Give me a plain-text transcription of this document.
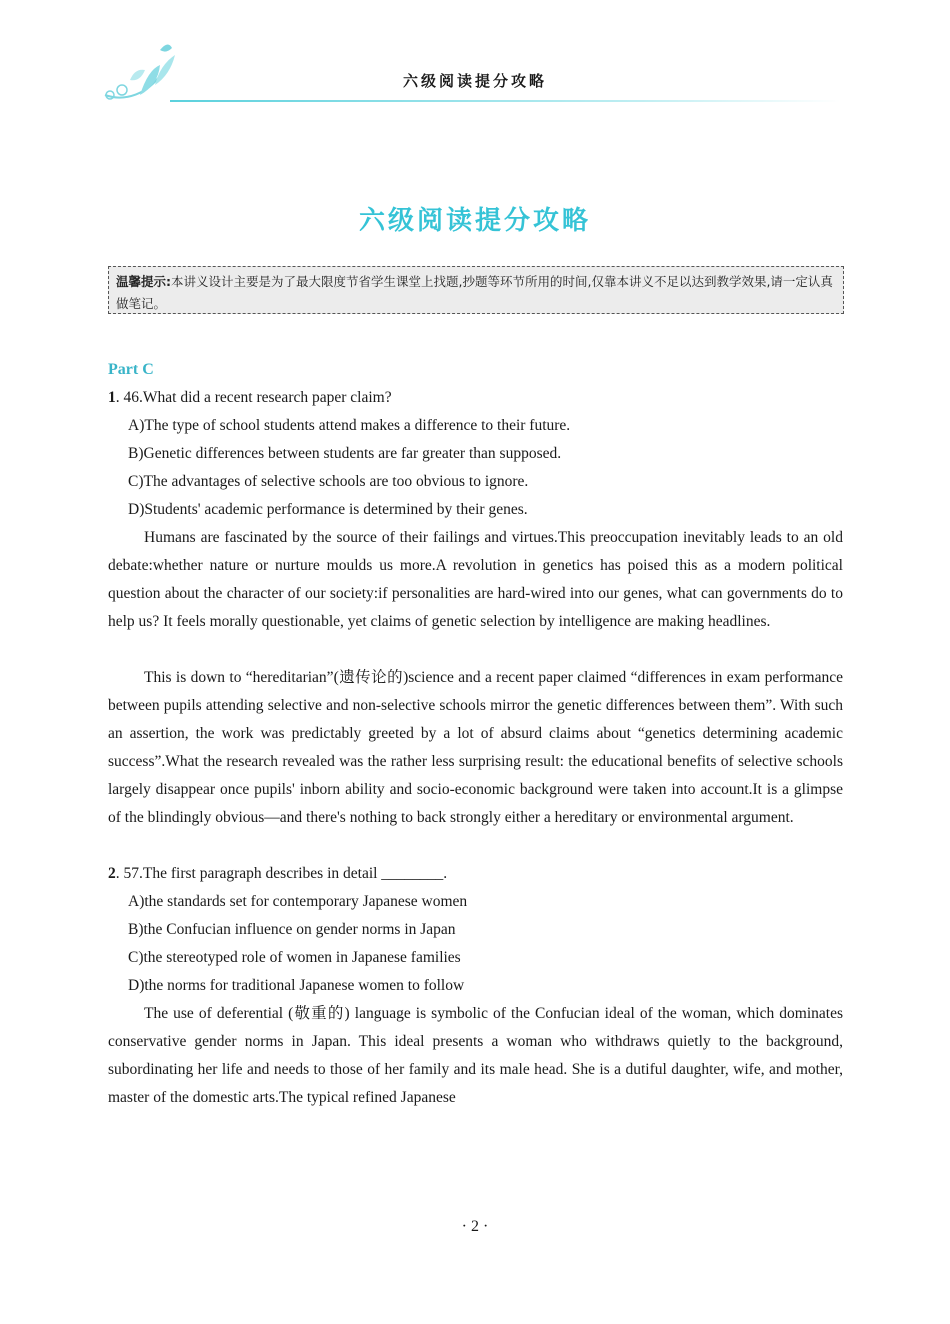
六级阅读提分攻略
六级阅读提分攻略
温馨提示:本讲义设计主要是为了最大限度节省学生课堂上找题,抄题等环节所用的时间,仅靠本讲义不足以达到教学效果,请一定认真做笔记。

Part C

1. 46.What did a recent research paper claim?

A)The type of school students attend makes a difference to their future.

B)Genetic differences between students are far greater than supposed.

C)The advantages of selective schools are too obvious to ignore.

D)Students' academic performance is determined by their genes.

Humans are fascinated by the source of their failings and virtues.This preoccupation inevitably leads to an old debate:whether nature or nurture moulds us more.A revolution in genetics has poised this as a modern political question about the character of our society:if personalities are hard-wired into our genes, what can governments do to help us? It feels morally questionable, yet claims of genetic selection by intelligence are making headlines.

This is down to “hereditarian”(遗传论的)science and a recent paper claimed “differences in exam performance between pupils attending selective and non-selective schools mirror the genetic differences between them”. With such an assertion, the work was predictably greeted by a lot of absurd claims about “genetics determining academic success”.What the research revealed was the rather less surprising result: the educational benefits of selective schools largely disappear once pupils' inborn ability and socio-economic background were taken into account.It is a glimpse of the blindingly obvious—and there's nothing to back strongly either a hereditary or environmental argument.

2. 57.The first paragraph describes in detail ________.

A)the standards set for contemporary Japanese women

B)the Confucian influence on gender norms in Japan

C)the stereotyped role of women in Japanese families

D)the norms for traditional Japanese women to follow

The use of deferential (敬重的) language is symbolic of the Confucian ideal of the woman, which dominates conservative gender norms in Japan. This ideal presents a woman who withdraws quietly to the background, subordinating her life and needs to those of her family and its male head. She is a dutiful daughter, wife, and mother, master of the domestic arts.The typical refined Japanese

· 2 ·
